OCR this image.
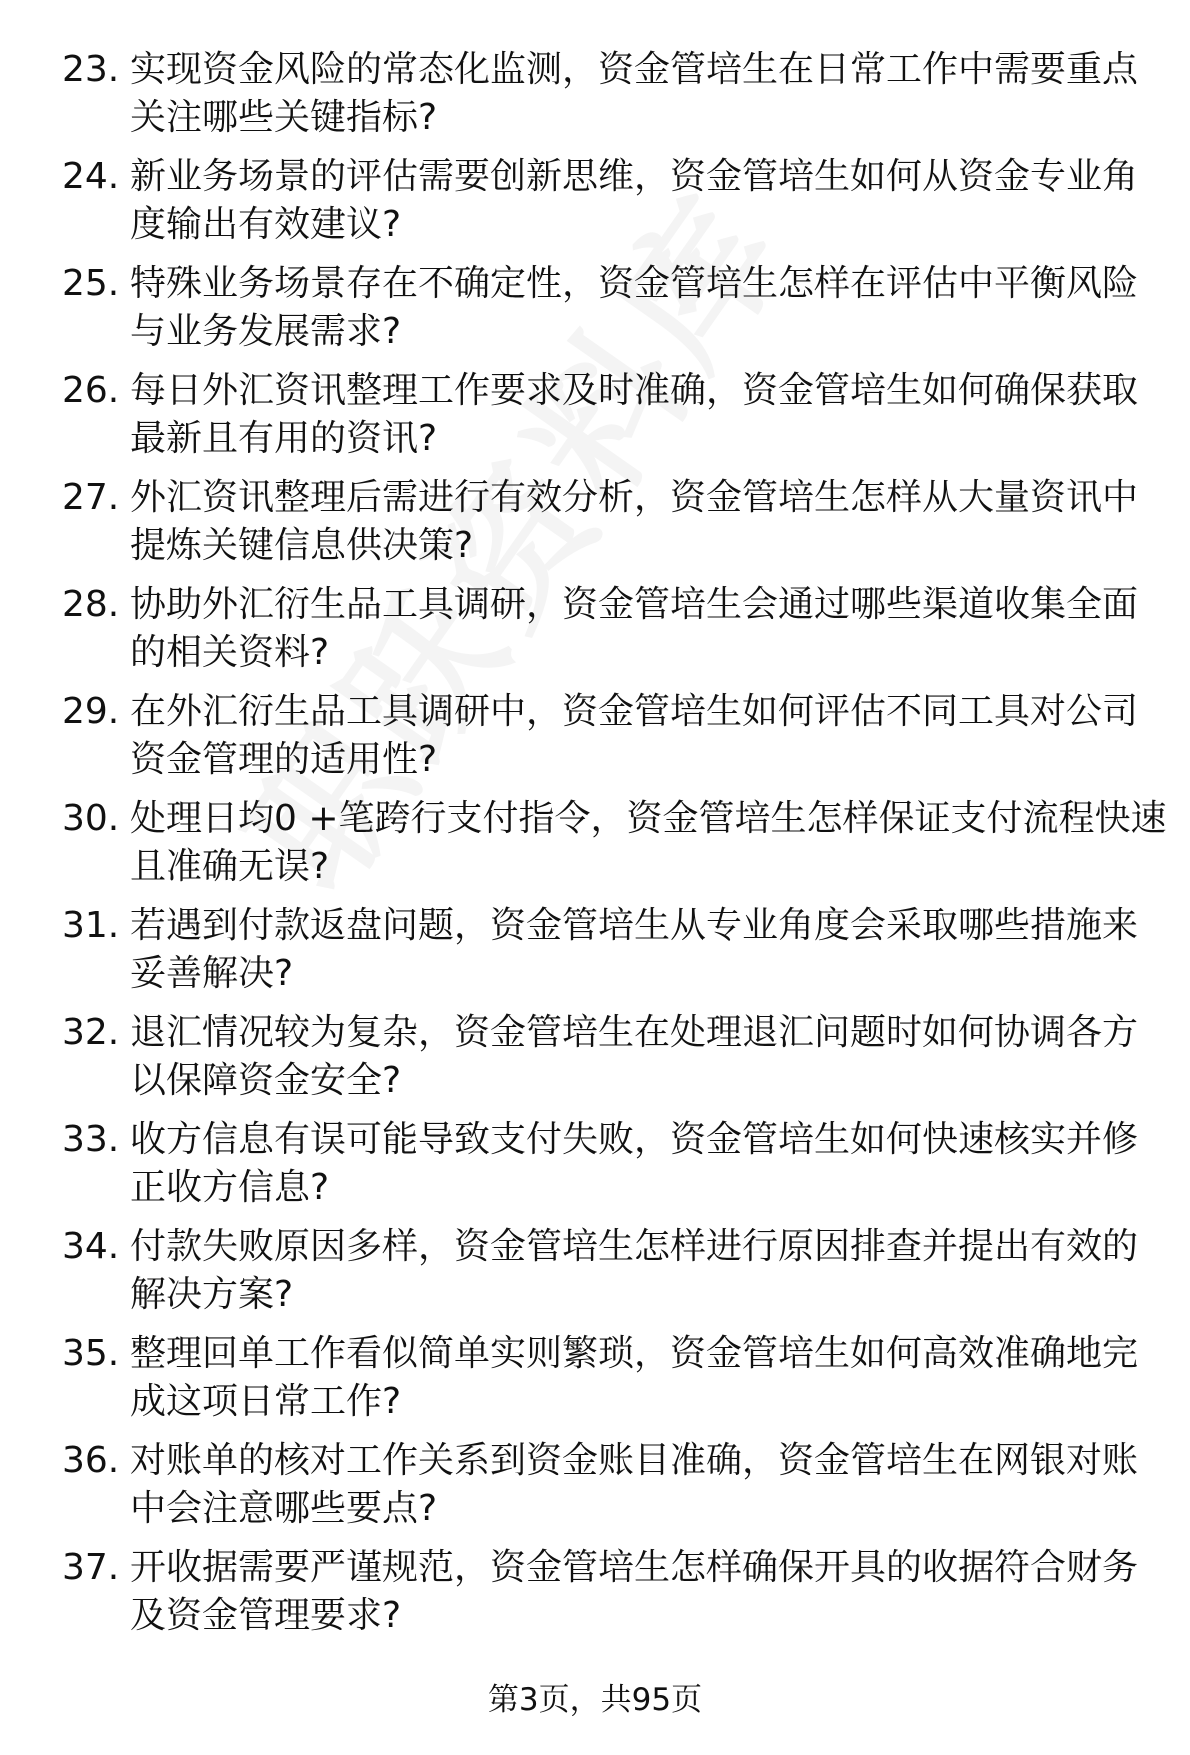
23. 实现资金风险的常态化监测，资金管培生在日常工作中需要重点关注哪些关键指标?
24. 新业务场景的评估需要创新思维，资金管培生如何从资金专业角度输出有效建议?
25. 特殊业务场景存在不确定性，资金管培生怎样在评估中平衡风险与业务发展需求?
26. 每日外汇资讯整理工作要求及时准确，资金管培生如何确保获取最新且有用的资讯?
27. 外汇资讯整理后需进行有效分析，资金管培生怎样从大量资讯中提炼关键信息供决策?
28. 协助外汇衍生品工具调研，资金管培生会通过哪些渠道收集全面的相关资料?
29. 在外汇衍生品工具调研中，资金管培生如何评估不同工具对公司资金管理的适用性?
30. 处理日均0 +笔跨行支付指令，资金管培生怎样保证支付流程快速且准确无误?
31. 若遇到付款返盘问题，资金管培生从专业角度会采取哪些措施来妥善解决?
32. 退汇情况较为复杂，资金管培生在处理退汇问题时如何协调各方以保障资金安全?
33. 收方信息有误可能导致支付失败，资金管培生如何快速核实并修正收方信息?
34. 付款失败原因多样，资金管培生怎样进行原因排查并提出有效的解决方案?
35. 整理回单工作看似简单实则繁琐，资金管培生如何高效准确地完成这项日常工作?
36. 对账单的核对工作关系到资金账目准确，资金管培生在网银对账中会注意哪些要点?
37. 开收据需要严谨规范，资金管培生怎样确保开具的收据符合财务及资金管理要求?
第3页，共95页
